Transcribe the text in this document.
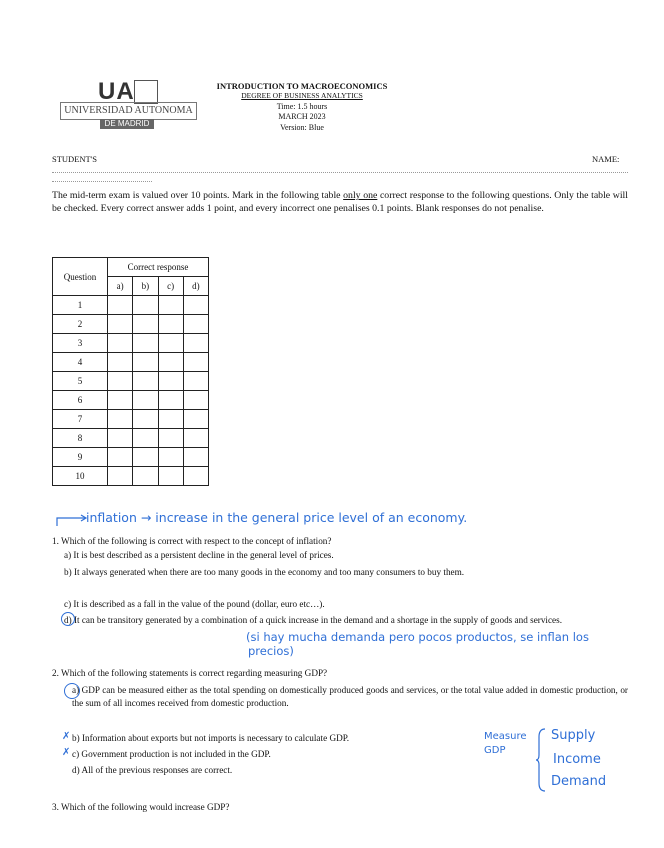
UA
UNIVERSIDAD AUTONOMA
DE MADRID
INTRODUCTION TO MACROECONOMICS
DEGREE OF BUSINESS ANALYTICS
Time: 1.5 hours
MARCH 2023
Version: Blue
STUDENT'S	NAME:
The mid-term exam is valued over 10 points. Mark in the following table only one correct response to the following questions. Only the table will be checked. Every correct answer adds 1 point, and every incorrect one penalises 0.1 points. Blank responses do not penalise.
Question	Correct response			
	a)	b)	c)	d)
1				
2				
3				
4				
5				
6				
7				
8				
9				
10				
inflation → increase in the general price level of an economy.
1. Which of the following is correct with respect to the concept of inflation?
a) It is best described as a persistent decline in the general level of prices.
b) It always generated when there are too many goods in the economy and too many consumers to buy them.
c) It is described as a fall in the value of the pound (dollar, euro etc…).
d) It can be transitory generated by a combination of a quick increase in the demand and a shortage in the supply of goods and services.
(si hay mucha demanda pero pocos productos, se inflan los precios)
2. Which of the following statements is correct regarding measuring GDP?
a) GDP can be measured either as the total spending on domestically produced goods and services, or the total value added in domestic production, or the sum of all incomes received from domestic production.
b) Information about exports but not imports is necessary to calculate GDP.
c) Government production is not included in the GDP.
d) All of the previous responses are correct.
✗
✗
Measure GDP
Supply
Income
Demand
3. Which of the following would increase GDP?
